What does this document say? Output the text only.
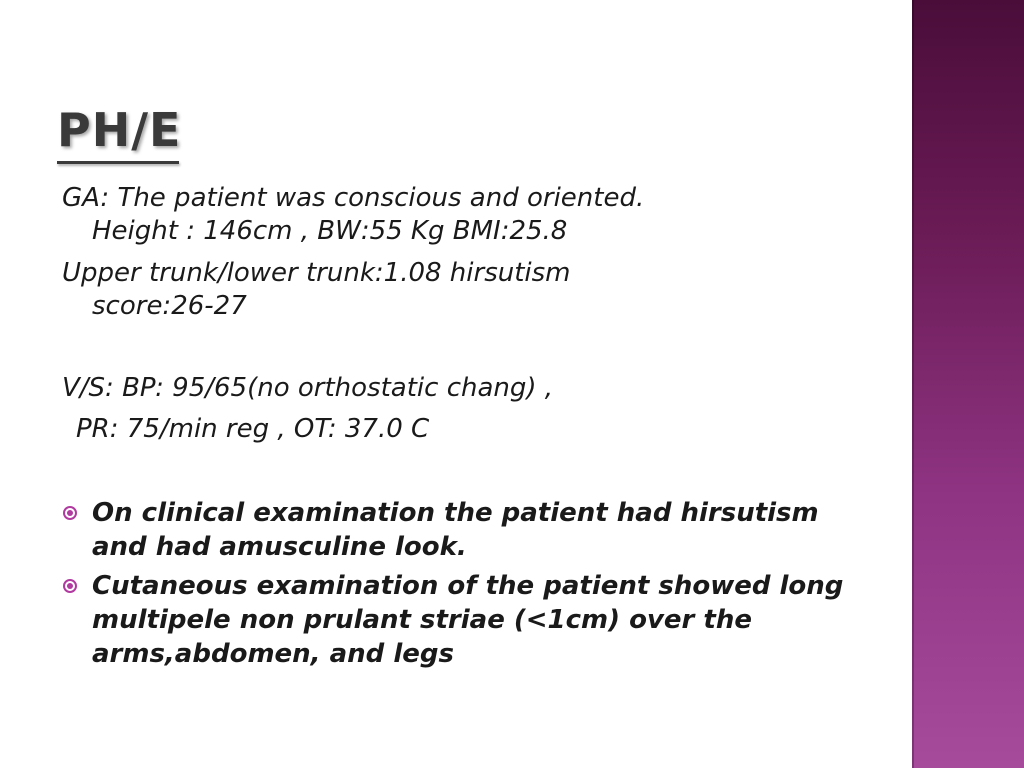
PH/E

GA: The patient was conscious and oriented.
Height : 146cm , BW:55 Kg BMI:25.8

Upper trunk/lower trunk:1.08 hirsutism
score:26-27

V/S: BP: 95/65(no orthostatic chang) ,

PR: 75/min reg , OT: 37.0 C

On clinical examination the patient had hirsutism and had amusculine look.
Cutaneous examination of the patient showed long multipele non prulant striae (<1cm) over the arms,abdomen, and legs
